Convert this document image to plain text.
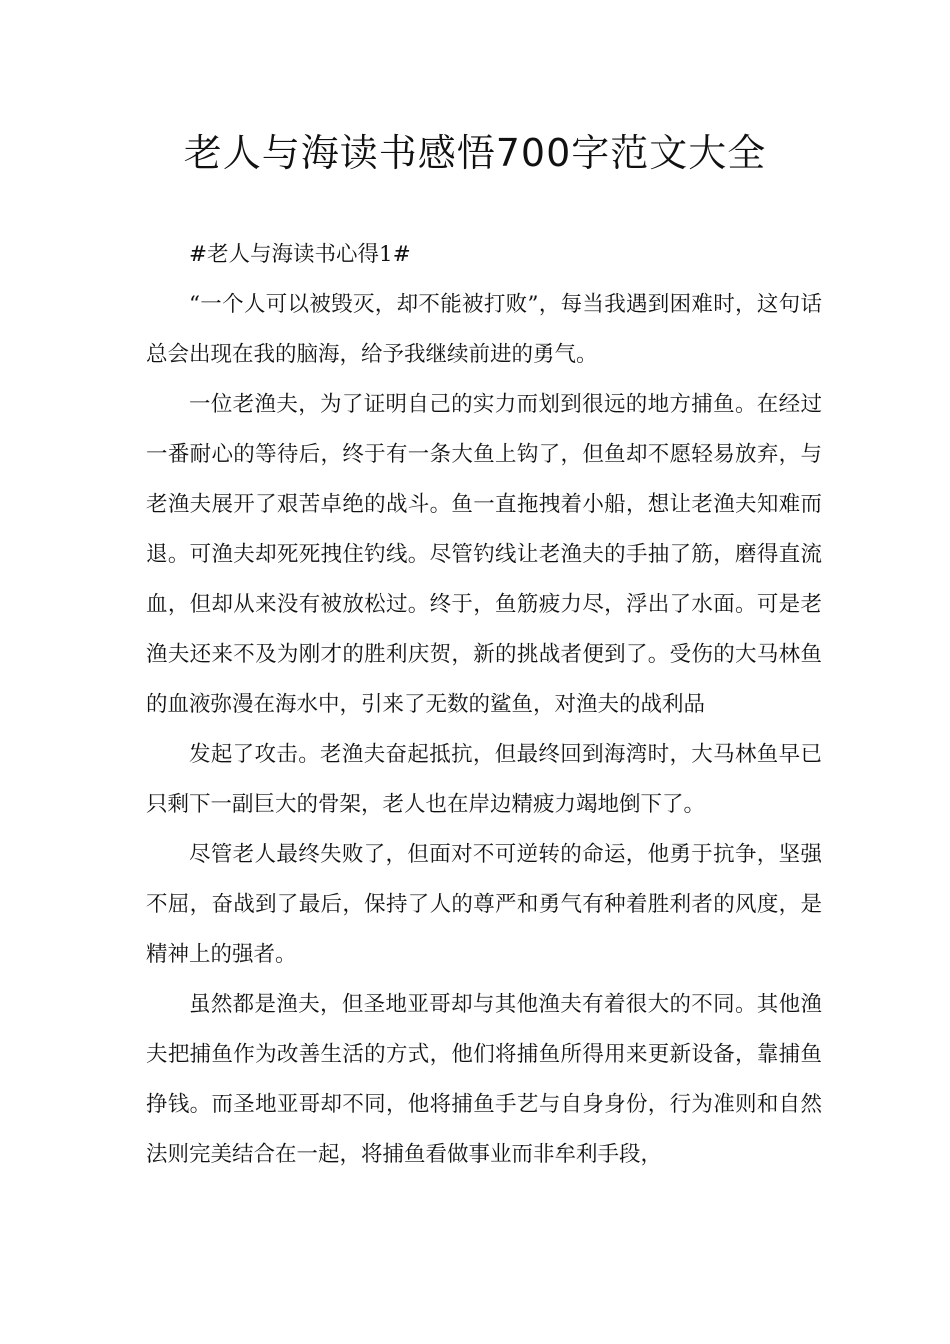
老人与海读书感悟700字范文大全

#老人与海读书心得1#

“一个人可以被毁灭，却不能被打败”，每当我遇到困难时，这句话总会出现在我的脑海，给予我继续前进的勇气。

一位老渔夫，为了证明自己的实力而划到很远的地方捕鱼。在经过一番耐心的等待后，终于有一条大鱼上钩了，但鱼却不愿轻易放弃，与老渔夫展开了艰苦卓绝的战斗。鱼一直拖拽着小船，想让老渔夫知难而退。可渔夫却死死拽住钓线。尽管钓线让老渔夫的手抽了筋，磨得直流血，但却从来没有被放松过。终于，鱼筋疲力尽，浮出了水面。可是老渔夫还来不及为刚才的胜利庆贺，新的挑战者便到了。受伤的大马林鱼的血液弥漫在海水中，引来了无数的鲨鱼，对渔夫的战利品

发起了攻击。老渔夫奋起抵抗，但最终回到海湾时，大马林鱼早已只剩下一副巨大的骨架，老人也在岸边精疲力竭地倒下了。

尽管老人最终失败了，但面对不可逆转的命运，他勇于抗争，坚强不屈，奋战到了最后，保持了人的尊严和勇气有种着胜利者的风度，是精神上的强者。

虽然都是渔夫，但圣地亚哥却与其他渔夫有着很大的不同。其他渔夫把捕鱼作为改善生活的方式，他们将捕鱼所得用来更新设备，靠捕鱼挣钱。而圣地亚哥却不同，他将捕鱼手艺与自身身份，行为准则和自然法则完美结合在一起，将捕鱼看做事业而非牟利手段，
